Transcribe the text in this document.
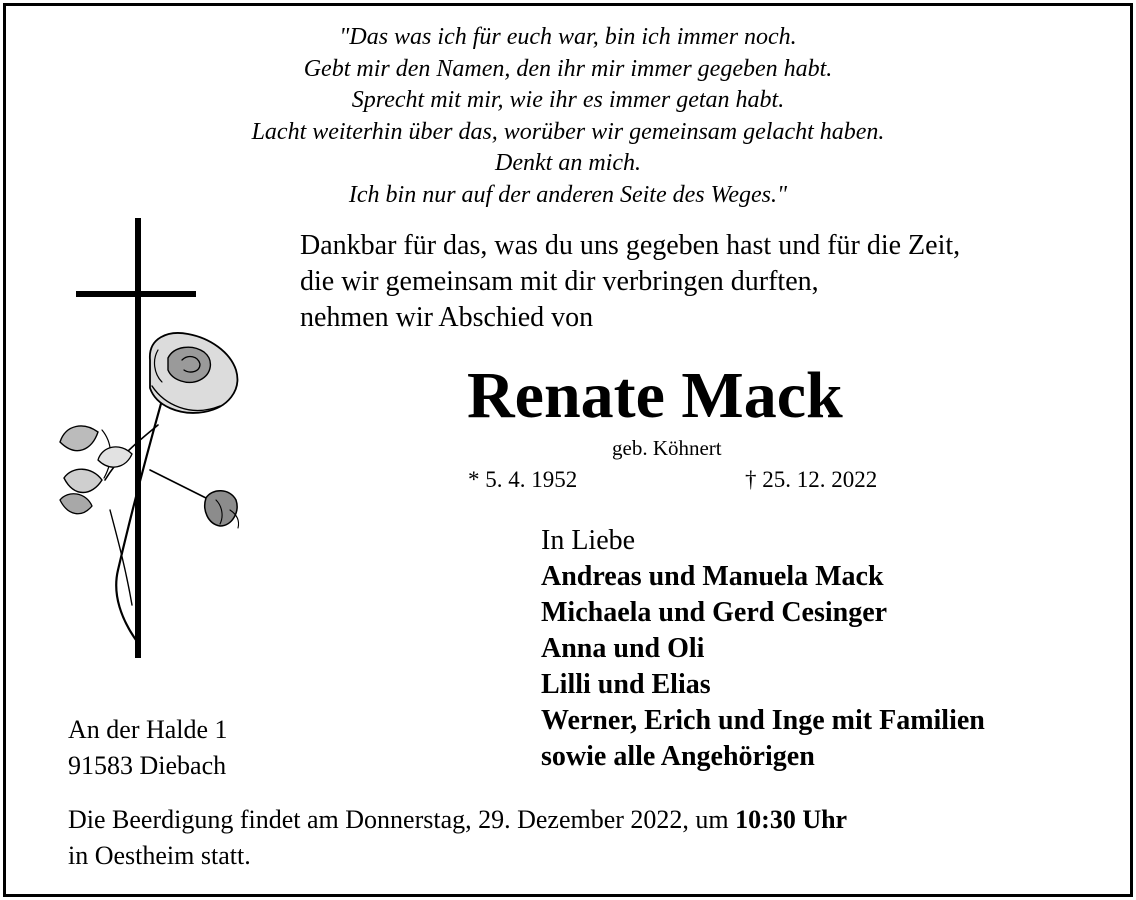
"Das was ich für euch war, bin ich immer noch.
Gebt mir den Namen, den ihr mir immer gegeben habt.
Sprecht mit mir, wie ihr es immer getan habt.
Lacht weiterhin über das, worüber wir gemeinsam gelacht haben.
Denkt an mich.
Ich bin nur auf der anderen Seite des Weges."
Dankbar für das, was du uns gegeben hast und für die Zeit,
die wir gemeinsam mit dir verbringen durften,
nehmen wir Abschied von
Renate Mack
geb. Köhnert
* 5. 4. 1952	† 25. 12. 2022
In Liebe
Andreas und Manuela Mack
Michaela und Gerd Cesinger
Anna und Oli
Lilli und Elias
Werner, Erich und Inge mit Familien
sowie alle Angehörigen
An der Halde 1
91583 Diebach
Die Beerdigung findet am Donnerstag, 29. Dezember 2022, um 10:30 Uhr
in Oestheim statt.
